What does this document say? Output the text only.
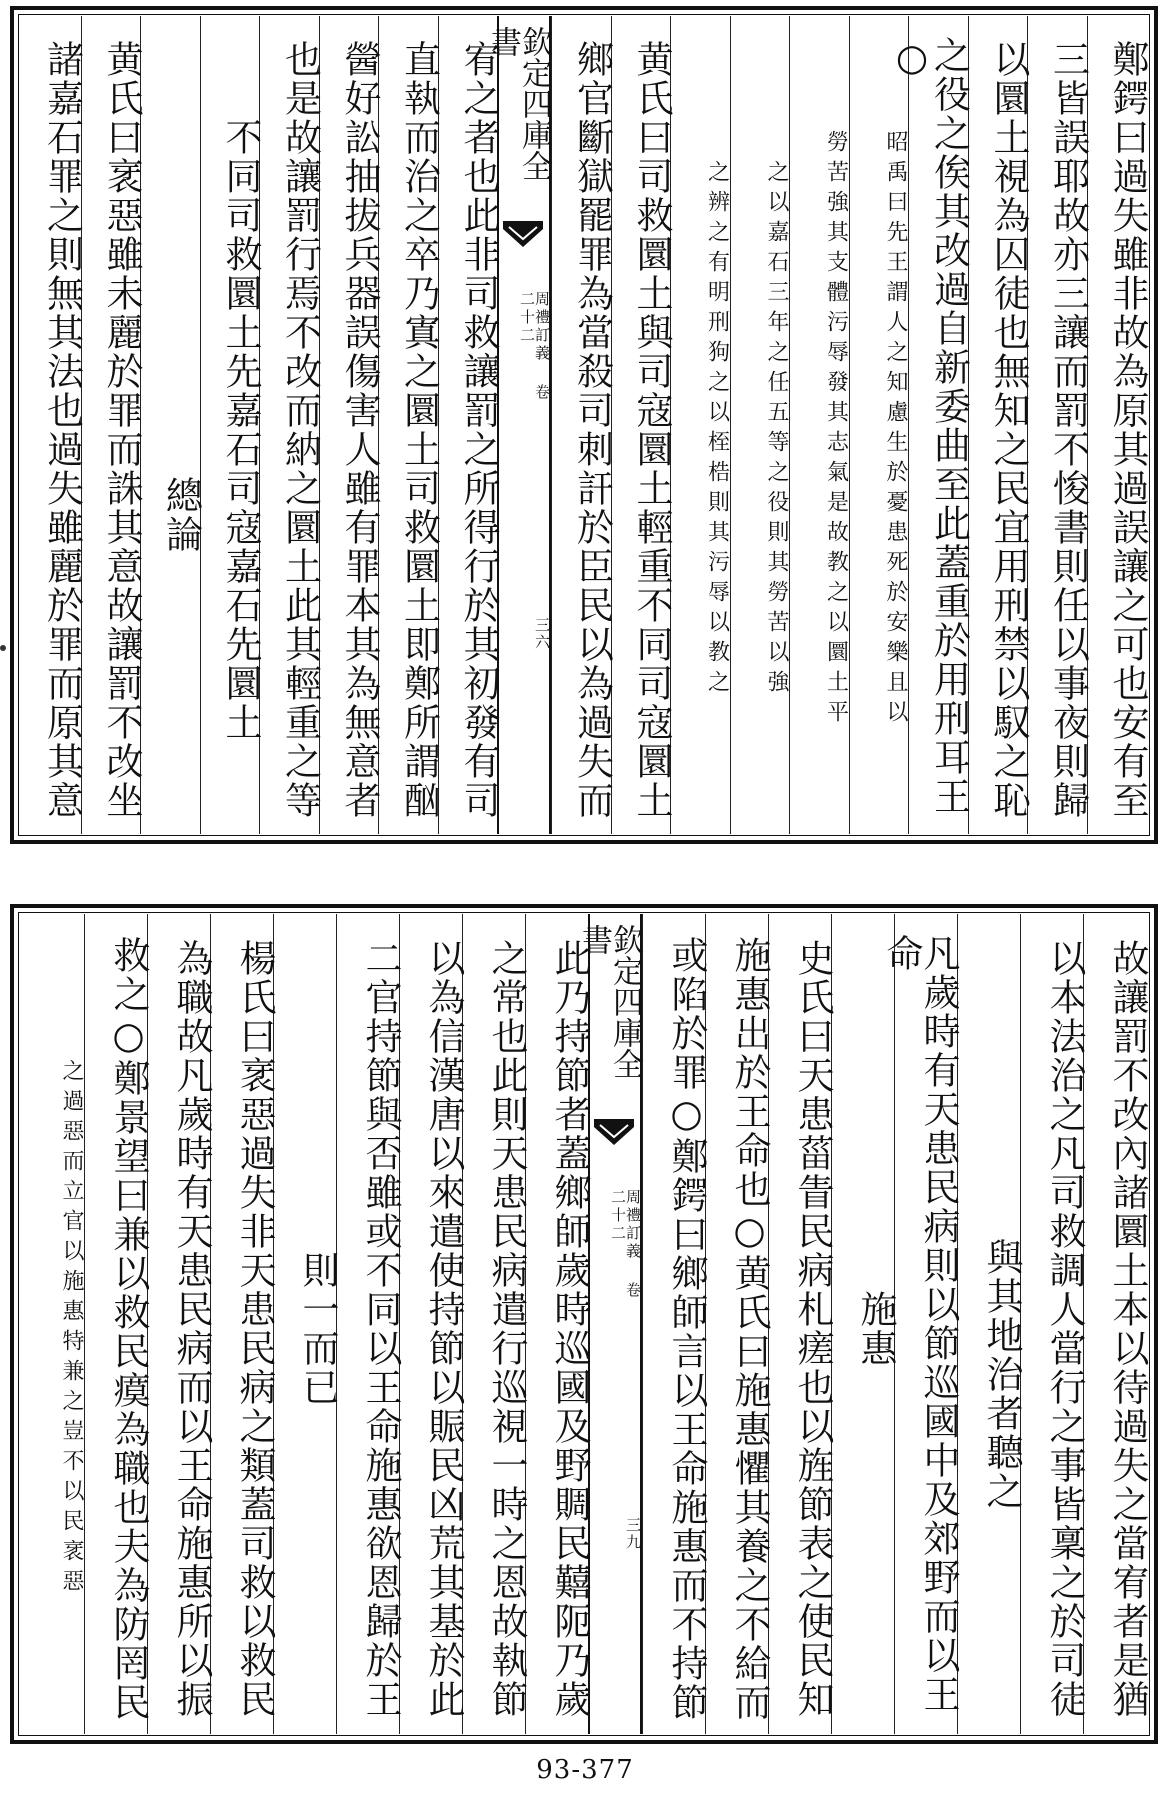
鄭鍔曰過失雖非故為原其過誤讓之可也安有至
三皆誤耶故亦三讓而罰不悛書則任以事夜則歸
以圜土視為囚徒也無知之民宜用刑禁以馭之恥
之役之俟其改過自新委曲至此蓋重於用刑耳王○
昭禹曰先王謂人之知慮生於憂患死於安樂且以
勞苦強其支體污辱發其志氣是故教之以圜土平
之以嘉石三年之任五等之役則其勞苦以強
之辨之有明刑狗之以桎梏則其污辱以教之
黄氏曰司救圜土與司寇圜土輕重不同司寇圜土
鄉官斷獄罷罪為當殺司刺訐於臣民以為過失而
欽定四庫全書
周禮訂義 卷二十二
三六
宥之者也此非司救讓罰之所得行於其初發有司
直執而治之卒乃寘之圜土司救圜土即鄭所謂酗
醟好訟抽拔兵器誤傷害人雖有罪本其為無意者
也是故讓罰行焉不改而納之圜土此其輕重之等
不同司救圜土先嘉石司寇嘉石先圜土
總論
黄氏曰衺惡雖未麗於罪而誅其意故讓罰不改坐
諸嘉石罪之則無其法也過失雖麗於罪而原其意
故讓罰不改內諸圜土本以待過失之當宥者是猶
以本法治之凡司救調人當行之事皆稟之於司徒
與其地治者聽之
凡歲時有天患民病則以節巡國中及郊野而以王命
施惠
史氏曰天患菑眚民病札瘥也以旌節表之使民知
施惠出於王命也○黄氏曰施惠懼其養之不給而
或陷於罪○鄭鍔曰鄉師言以王命施惠而不持節
欽定四庫全書
周禮訂義 卷二十二
三九
此乃持節者蓋鄉師歲時巡國及野賙民囏阨乃歲
之常也此則天患民病遣行巡視一時之恩故執節
以為信漢唐以來遣使持節以賑民凶荒其基於此
二官持節與否雖或不同以王命施惠欲恩歸於王
則一而已
楊氏曰衺惡過失非天患民病之類蓋司救以救民
為職故凡歲時有天患民病而以王命施惠所以振
救之○鄭景望曰兼以救民瘼為職也夫為防罔民
之過惡而立官以施惠特兼之豈不以民衺惡
93-377
